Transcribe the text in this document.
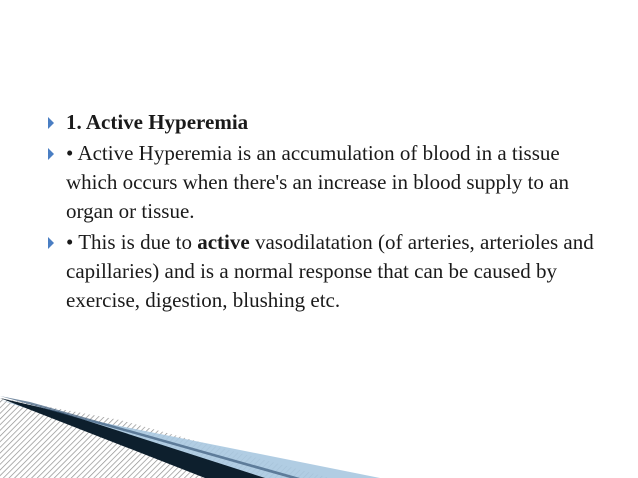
1. Active Hyperemia
• Active Hyperemia is an accumulation of blood in a tissue which occurs when there's an increase in blood supply to an organ or tissue.
• This is due to active vasodilatation (of arteries, arterioles and capillaries) and is a normal response that can be caused by exercise, digestion, blushing etc.
